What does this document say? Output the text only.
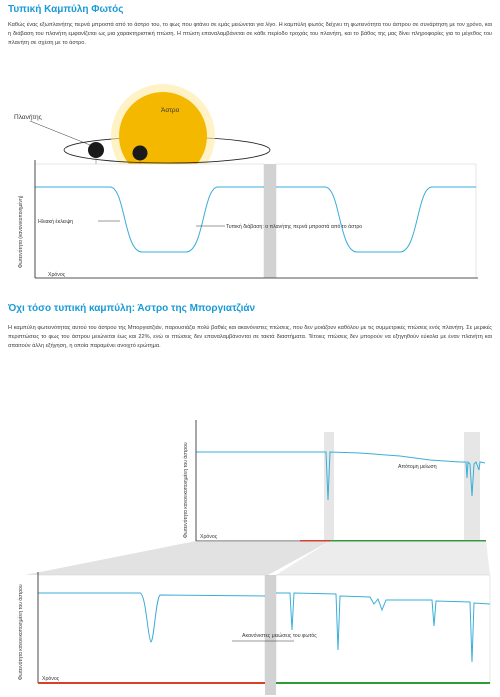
Τυπική Καμπύλη Φωτός

Καθώς ένας εξωπλανήτης περνά μπροστά από το άστρο του, το φως που φτάνει σε εμάς μειώνεται για λίγο. Η καμπύλη φωτός δείχνει τη φωτεινότητα του άστρου σε συνάρτηση με τον χρόνο, και η διάβαση του πλανήτη εμφανίζεται ως μια χαρακτηριστική πτώση. Η πτώση επαναλαμβάνεται σε κάθε περίοδο τροχιάς του πλανήτη, και το βάθος της μας δίνει πληροφορίες για το μέγεθος του πλανήτη σε σχέση με το άστρο.

Όχι τόσο τυπική καμπύλη: Άστρο της Μποργιατζιάν

Η καμπύλη φωτεινότητας αυτού του άστρου της Μποργιατζιάν, παρουσιάζει πολύ βαθιές και ακανόνιστες πτώσεις, που δεν μοιάζουν καθόλου με τις συμμετρικές πτώσεις ενός πλανήτη. Σε μερικές περιπτώσεις το φως του άστρου μειώνεται έως και 22%, ενώ οι πτώσεις δεν επαναλαμβάνονται σε τακτά διαστήματα. Τέτοιες πτώσεις δεν μπορούν να εξηγηθούν εύκολα με έναν πλανήτη και απαιτούν άλλη εξήγηση, η οποία παραμένει ανοιχτό ερώτημα.

Άστρο
Πλανήτης
Φωτεινότητα (κανονικοποιημένη)
Χρόνος
Ηλιακή έκλειψη
Τυπική διάβαση: ο πλανήτης περνά μπροστά από το άστρο
Φωτεινότητα κανονικοποιημένη του άστρου Χρόνος
Απότομη μείωση
Φωτεινότητα κανονικοποιημένη του άστρου	Χρόνος
Ακανόνιστες μειώσεις του φωτός
